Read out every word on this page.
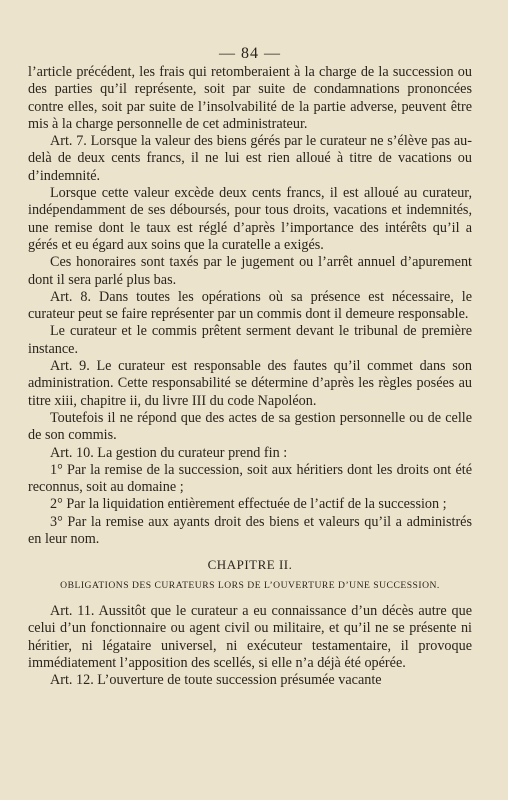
— 84 —

l’article précédent, les frais qui retomberaient à la charge de la succession ou des parties qu’il représente, soit par suite de condamnations prononcées contre elles, soit par suite de l’insolvabilité de la partie adverse, peuvent être mis à la charge personnelle de cet administrateur.

Art. 7. Lorsque la valeur des biens gérés par le curateur ne s’élève pas au-delà de deux cents francs, il ne lui est rien alloué à titre de vacations ou d’indemnité.

Lorsque cette valeur excède deux cents francs, il est alloué au curateur, indépendamment de ses déboursés, pour tous droits, vacations et indemnités, une remise dont le taux est réglé d’après l’importance des intérêts qu’il a gérés et eu égard aux soins que la curatelle a exigés.

Ces honoraires sont taxés par le jugement ou l’arrêt annuel d’apurement dont il sera parlé plus bas.

Art. 8. Dans toutes les opérations où sa présence est nécessaire, le curateur peut se faire représenter par un commis dont il demeure responsable.

Le curateur et le commis prêtent serment devant le tribunal de première instance.

Art. 9. Le curateur est responsable des fautes qu’il commet dans son administration. Cette responsabilité se détermine d’après les règles posées au titre xiii, chapitre ii, du livre III du code Napoléon.

Toutefois il ne répond que des actes de sa gestion personnelle ou de celle de son commis.

Art. 10. La gestion du curateur prend fin :

1° Par la remise de la succession, soit aux héritiers dont les droits ont été reconnus, soit au domaine ;

2° Par la liquidation entièrement effectuée de l’actif de la succession ;

3° Par la remise aux ayants droit des biens et valeurs qu’il a administrés en leur nom.

CHAPITRE II.
OBLIGATIONS DES CURATEURS LORS DE L’OUVERTURE D’UNE SUCCESSION.

Art. 11. Aussitôt que le curateur a eu connaissance d’un décès autre que celui d’un fonctionnaire ou agent civil ou militaire, et qu’il ne se présente ni héritier, ni légataire universel, ni exécuteur testamentaire, il provoque immédiatement l’apposition des scellés, si elle n’a déjà été opérée.

Art. 12. L’ouverture de toute succession présumée vacante
